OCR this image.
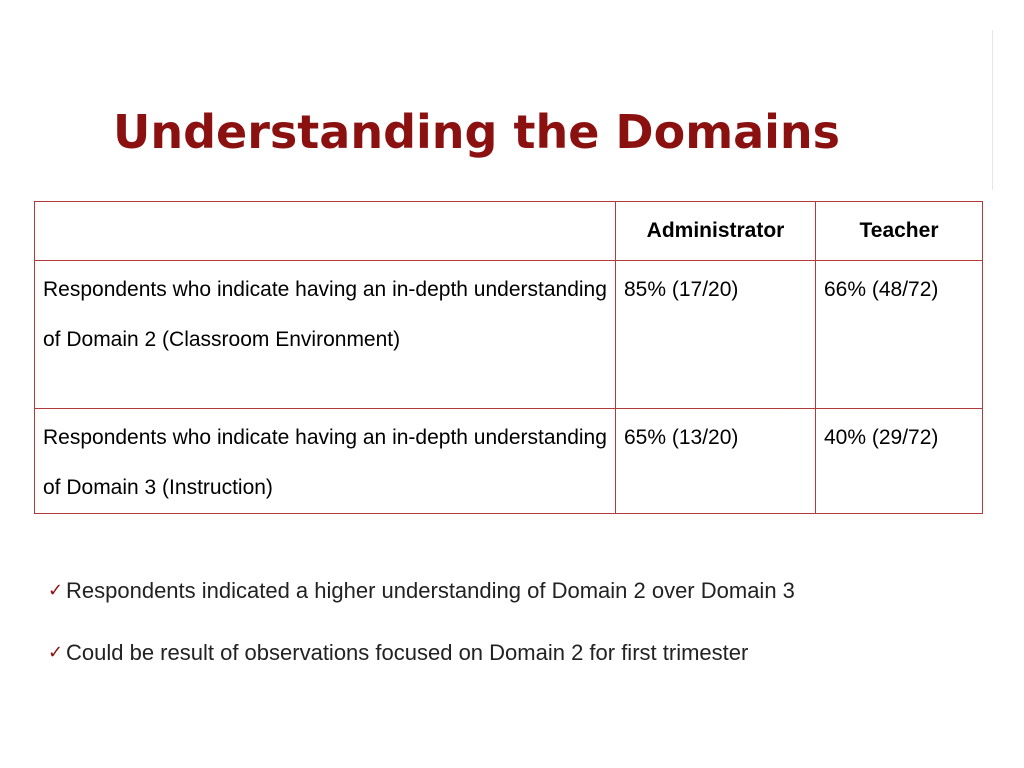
Understanding the Domains
	Administrator	Teacher
Respondents who indicate having an in-depth understanding of Domain 2 (Classroom Environment)	85% (17/20)	66% (48/72)
Respondents who indicate having an in-depth understanding of Domain 3 (Instruction)	65% (13/20)	40% (29/72)
✓ Respondents indicated a higher understanding of Domain 2 over Domain 3
✓ Could be result of observations focused on Domain 2 for first trimester
